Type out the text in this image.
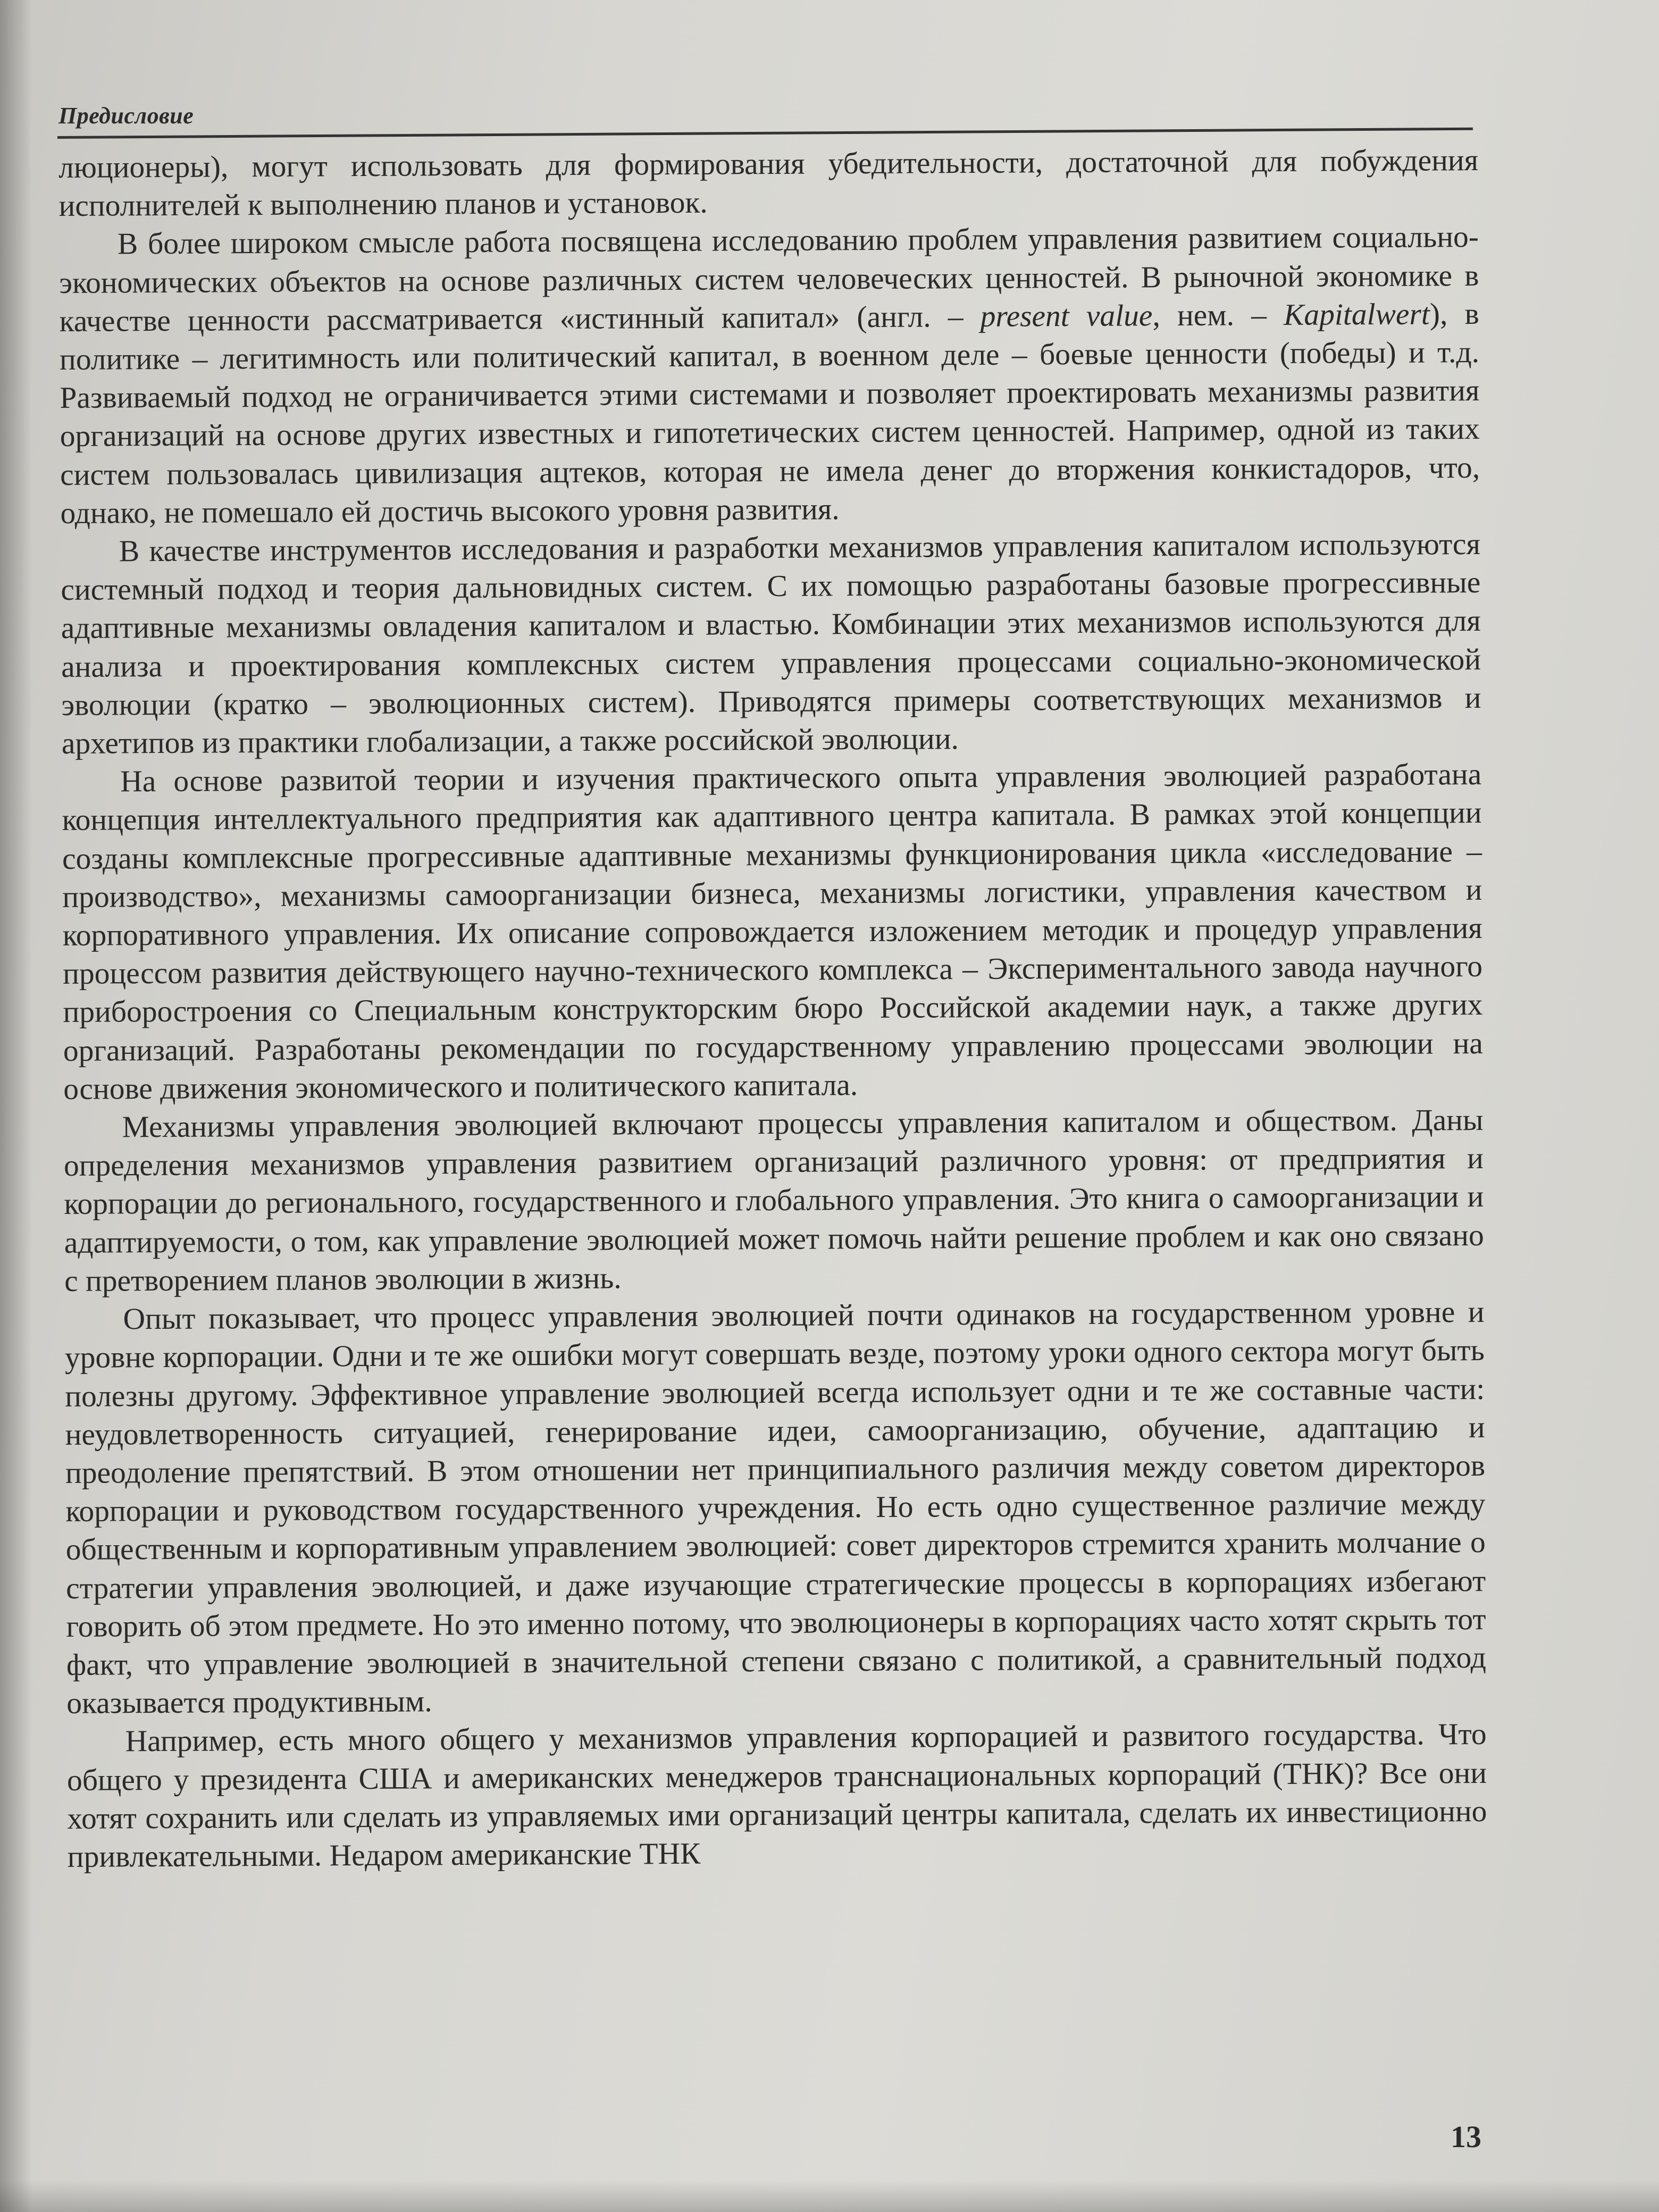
Предисловие

люционеры), могут использовать для формирования убедительности, достаточной для побуждения исполнителей к выполнению планов и установок.

В более широком смысле работа посвящена исследованию проблем управления развитием социально-экономических объектов на основе различных систем человеческих ценностей. В рыночной экономике в качестве ценности рассматривается «истинный капитал» (англ. – present value, нем. – Kapitalwert), в политике – легитимность или политический капитал, в военном деле – боевые ценности (победы) и т.д. Развиваемый подход не ограничивается этими системами и позволяет проектировать механизмы развития организаций на основе других известных и гипотетических систем ценностей. Например, одной из таких систем пользовалась цивилизация ацтеков, которая не имела денег до вторжения конкистадоров, что, однако, не помешало ей достичь высокого уровня развития.

В качестве инструментов исследования и разработки механизмов управления капиталом используются системный подход и теория дальновидных систем. С их помощью разработаны базовые прогрессивные адаптивные механизмы овладения капиталом и властью. Комбинации этих механизмов используются для анализа и проектирования комплексных систем управления процессами социально-экономической эволюции (кратко – эволюционных систем). Приводятся примеры соответствующих механизмов и архетипов из практики глобализации, а также российской эволюции.

На основе развитой теории и изучения практического опыта управления эволюцией разработана концепция интеллектуального предприятия как адаптивного центра капитала. В рамках этой концепции созданы комплексные прогрессивные адаптивные механизмы функционирования цикла «исследование – производство», механизмы самоорганизации бизнеса, механизмы логистики, управления качеством и корпоративного управления. Их описание сопровождается изложением методик и процедур управления процессом развития действующего научно-технического комплекса – Экспериментального завода научного приборостроения со Специальным конструкторским бюро Российской академии наук, а также других организаций. Разработаны рекомендации по государственному управлению процессами эволюции на основе движения экономического и политического капитала.

Механизмы управления эволюцией включают процессы управления капиталом и обществом. Даны определения механизмов управления развитием организаций различного уровня: от предприятия и корпорации до регионального, государственного и глобального управления. Это книга о самоорганизации и адаптируемости, о том, как управление эволюцией может помочь найти решение проблем и как оно связано с претворением планов эволюции в жизнь.

Опыт показывает, что процесс управления эволюцией почти одинаков на государственном уровне и уровне корпорации. Одни и те же ошибки могут совершать везде, поэтому уроки одного сектора могут быть полезны другому. Эффективное управление эволюцией всегда использует одни и те же составные части: неудовлетворенность ситуацией, генерирование идеи, самоорганизацию, обучение, адаптацию и преодоление препятствий. В этом отношении нет принципиального различия между советом директоров корпорации и руководством государственного учреждения. Но есть одно существенное различие между общественным и корпоративным управлением эволюцией: совет директоров стремится хранить молчание о стратегии управления эволюцией, и даже изучающие стратегические процессы в корпорациях избегают говорить об этом предмете. Но это именно потому, что эволюционеры в корпорациях часто хотят скрыть тот факт, что управление эволюцией в значительной степени связано с политикой, а сравнительный подход оказывается продуктивным.

Например, есть много общего у механизмов управления корпорацией и развитого государства. Что общего у президента США и американских менеджеров транснациональных корпораций (ТНК)? Все они хотят сохранить или сделать из управляемых ими организаций центры капитала, сделать их инвестиционно привлекательными. Недаром американские ТНК

13
